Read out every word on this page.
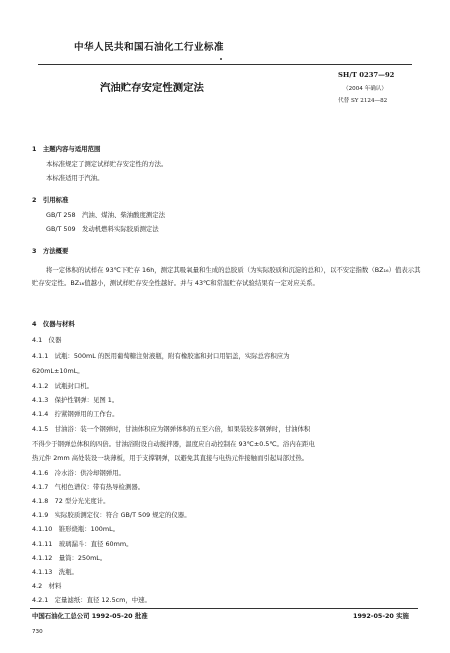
中华人民共和国石油化工行业标准
汽油贮存安定性测定法
SH/T 0237—92
（2004 年确认）
代替 SY 2124—82
1　主题内容与适用范围
本标准规定了测定试样贮存安定性的方法。
本标准适用于汽油。
2　引用标准
GB/T 258　汽油、煤油、柴油酸度测定法
GB/T 509　发动机燃料实际胶质测定法
3　方法概要
将一定体积的试样在 93℃下贮存 16h，测定其吸氧量和生成的总胶质（为实际胶质和沉淀的总和），以不安定指数（BZ₁₆）值表示其贮存安定性。BZ₁₆值越小，测试样贮存安全性越好。并与 43℃和常温贮存试验结果有一定对应关系。
4　仪器与材料
4.1　仪器
4.1.1　试瓶：500mL 的医用葡萄糖注射液瓶，附有橡胶塞和封口用铝盖，实际总容积应为
620mL±10mL。
4.1.2　试瓶封口机。
4.1.3　保护性钢弹：见图 1。
4.1.4　拧紧钢弹用的工作台。
4.1.5　甘油浴：装一个钢弹时，甘油体积应为钢弹体积的五至六倍，如果装较多钢弹时，甘油体积
不得少于钢弹总体积的四倍。甘油浴附设自动搅拌器，温度应自动控制在 93℃±0.5℃。浴内在距电
热元件 2mm 高处装设一块薄板，用于支撑钢弹，以避免其直接与电热元件接触而引起局部过热。
4.1.6　冷水浴：供冷却钢弹用。
4.1.7　气相色谱仪：带有热导检测器。
4.1.8　72 型分光光度计。
4.1.9　实际胶质测定仪：符合 GB/T 509 规定的仪器。
4.1.10　锥形烧瓶：100mL。
4.1.11　玻璃漏斗：直径 60mm。
4.1.12　量筒：250mL。
4.1.13　洗瓶。
4.2　材料
4.2.1　定量滤纸：直径 12.5cm，中速。
中国石油化工总公司 1992-05-20 批准	1992-05-20 实施
730
